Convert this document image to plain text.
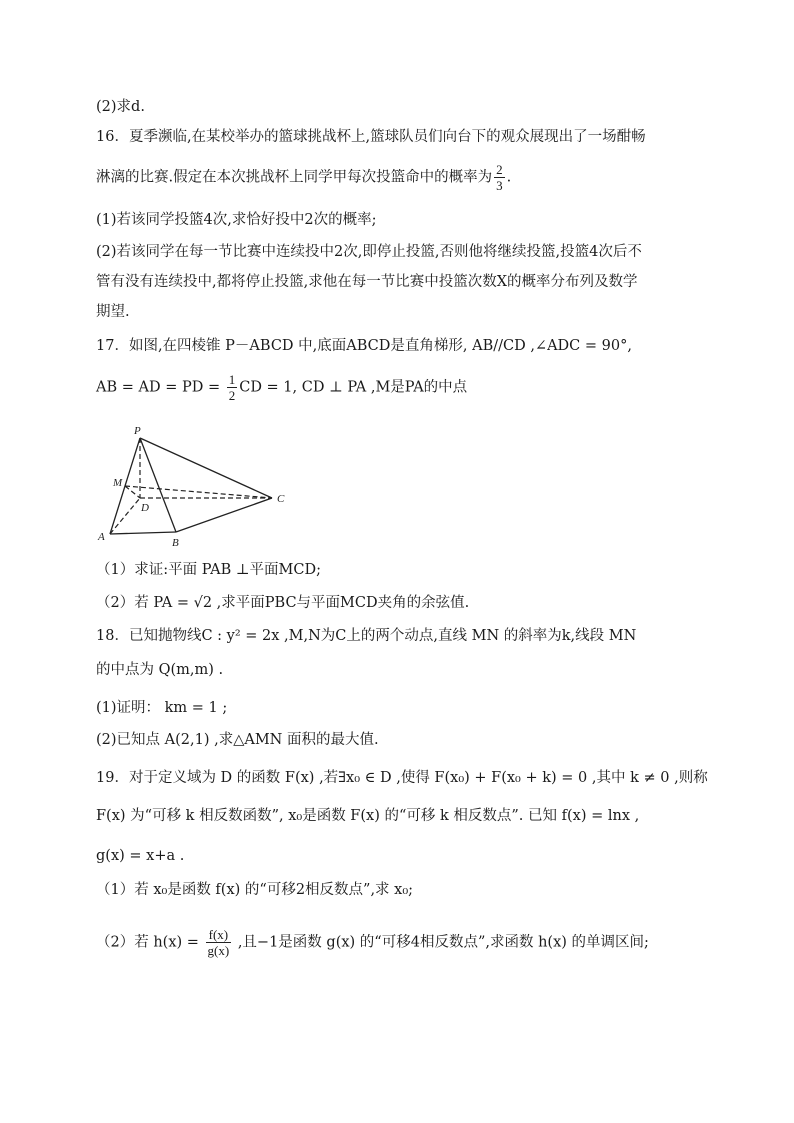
(2)求d.
16．夏季濒临,在某校举办的篮球挑战杯上,篮球队员们向台下的观众展现出了一场酣畅
淋漓的比赛.假定在本次挑战杯上同学甲每次投篮命中的概率为 $\frac{2}{3}$ .
(1)若该同学投篮4次,求恰好投中2次的概率;
(2)若该同学在每一节比赛中连续投中2次,即停止投篮,否则他将继续投篮,投篮4次后不
管有没有连续投中,都将停止投篮,求他在每一节比赛中投篮次数X的概率分布列及数学
期望.
17．如图,在四棱锥 P－ABCD 中,底面ABCD是直角梯形, AB//CD ,∠ADC = 90°,
AB = AD = PD = $\frac{1}{2}$ CD = 1, CD ⊥ PA ,M是PA的中点
P
M
D
A	B
C
（1）求证:平面 PAB ⊥平面MCD;
（2）若 PA = √2 ,求平面PBC与平面MCD夹角的余弦值.
18．已知抛物线C : y² = 2x ,M,N为C上的两个动点,直线 MN 的斜率为k,线段 MN
的中点为 Q(m,m) .
(1)证明： km = 1 ;
(2)已知点 A(2,1) ,求△AMN 面积的最大值.
19．对于定义域为 D 的函数 F(x) ,若∃x₀ ∈ D ,使得 F(x₀) + F(x₀ + k) = 0 ,其中 k ≠ 0 ,则称
F(x) 为“可移 k 相反数函数”, x₀是函数 F(x) 的“可移 k 相反数点”. 已知 f(x) = lnx ,
g(x) = x+a .
（1）若 x₀是函数 f(x) 的“可移2相反数点”,求 x₀;
（2）若 $h(x) = \frac{f(x)}{g(x)}$ ,且−1是函数 g(x) 的“可移4相反数点”,求函数 h(x) 的单调区间;
